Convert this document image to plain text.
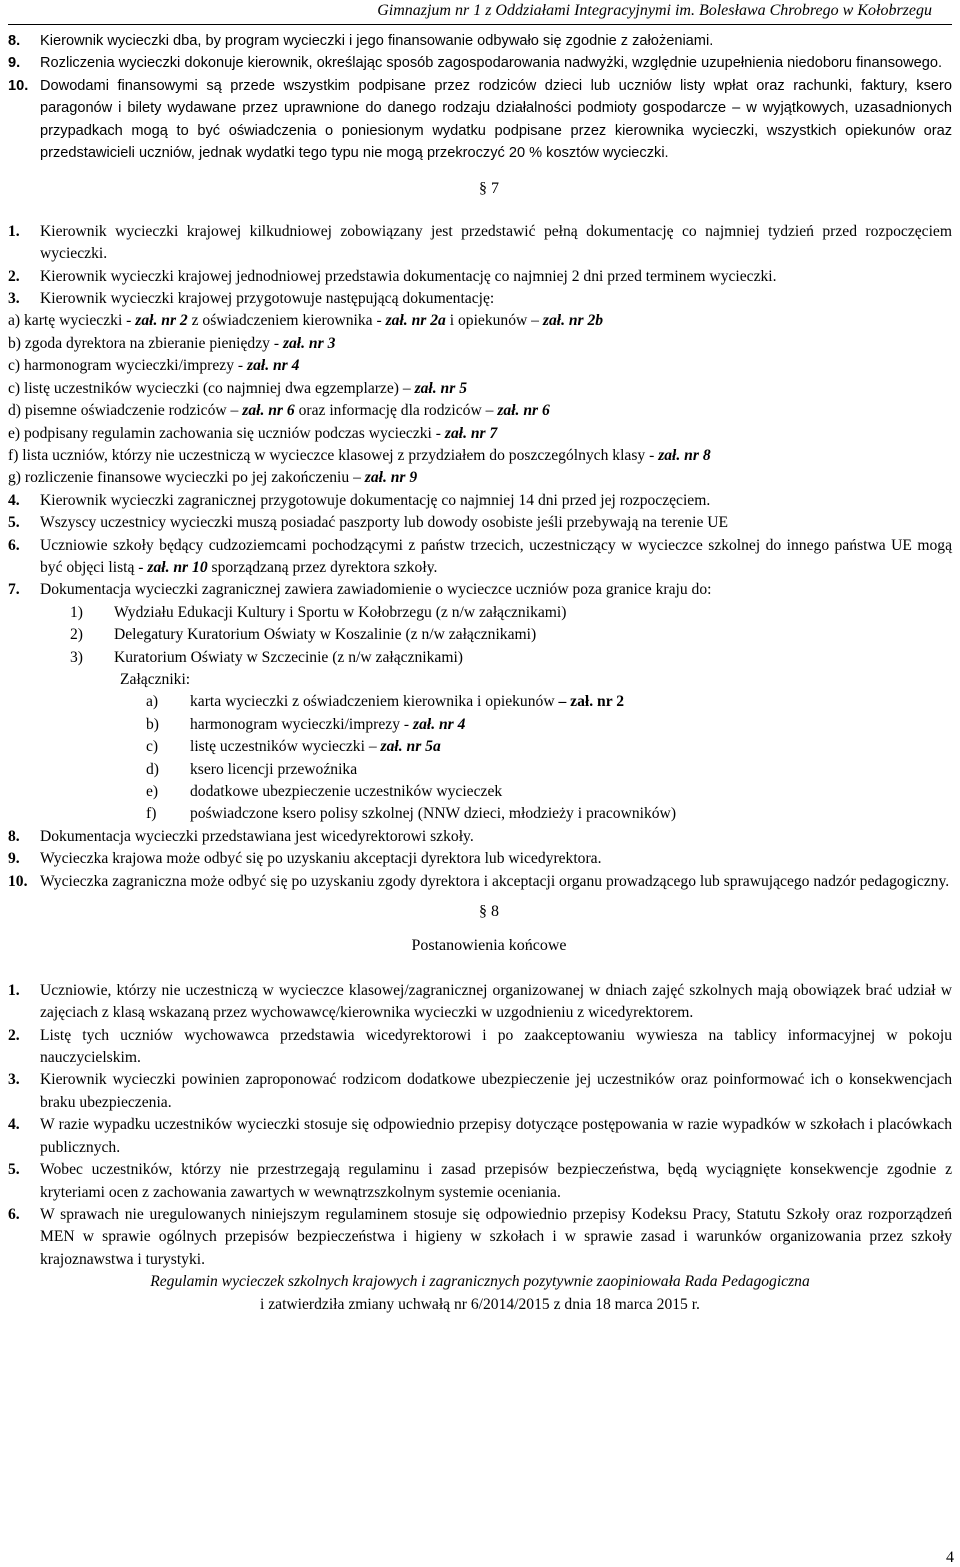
Gimnazjum nr 1 z Oddziałami Integracyjnymi im. Bolesława Chrobrego w Kołobrzegu
8.	Kierownik wycieczki dba, by program wycieczki i jego finansowanie odbywało się zgodnie z założeniami.
9.	Rozliczenia wycieczki dokonuje kierownik, określając sposób zagospodarowania nadwyżki, względnie uzupełnienia niedoboru finansowego.
10. Dowodami finansowymi są przede wszystkim podpisane przez rodziców dzieci lub uczniów listy wpłat oraz rachunki, faktury, ksero paragonów i bilety wydawane przez uprawnione do danego rodzaju działalności podmioty gospodarcze – w wyjątkowych, uzasadnionych przypadkach mogą to być oświadczenia o poniesionym wydatku podpisane przez kierownika wycieczki, wszystkich opiekunów oraz przedstawicieli uczniów, jednak wydatki tego typu nie mogą przekroczyć 20 % kosztów wycieczki.
§ 7
1.	Kierownik wycieczki krajowej kilkudniowej zobowiązany jest przedstawić pełną dokumentację co najmniej tydzień przed rozpoczęciem wycieczki.
2.	Kierownik wycieczki krajowej jednodniowej przedstawia dokumentację co najmniej 2 dni przed terminem wycieczki.
3.	Kierownik wycieczki krajowej przygotowuje następującą dokumentację:
a) kartę wycieczki - zał. nr 2 z oświadczeniem kierownika - zał. nr 2a i opiekunów – zał. nr 2b
b) zgoda dyrektora na zbieranie pieniędzy - zał. nr 3
c) harmonogram wycieczki/imprezy - zał. nr 4
c) listę uczestników wycieczki (co najmniej dwa egzemplarze) – zał. nr 5
d) pisemne oświadczenie rodziców – zał. nr 6 oraz informację dla rodziców – zał. nr 6
e) podpisany regulamin zachowania się uczniów podczas wycieczki - zał. nr 7
f) lista uczniów, którzy nie uczestniczą w wycieczce klasowej z przydziałem do poszczególnych klasy - zał. nr 8
g) rozliczenie finansowe wycieczki po jej zakończeniu – zał. nr 9
4.	Kierownik wycieczki zagranicznej przygotowuje dokumentację co najmniej 14 dni przed jej rozpoczęciem.
5.	Wszyscy uczestnicy wycieczki muszą posiadać paszporty lub dowody osobiste jeśli przebywają na terenie UE
6.	Uczniowie szkoły będący cudzoziemcami pochodzącymi z państw trzecich, uczestniczący w wycieczce szkolnej do innego państwa UE mogą być objęci listą - zał. nr 10 sporządzaną przez dyrektora szkoły.
7.	Dokumentacja wycieczki zagranicznej zawiera zawiadomienie o wycieczce uczniów poza granice kraju do:
1)	Wydziału Edukacji Kultury i Sportu w Kołobrzegu (z n/w załącznikami)
2)	Delegatury Kuratorium Oświaty w Koszalinie (z n/w załącznikami)
3)	Kuratorium Oświaty w Szczecinie (z n/w załącznikami)
Załączniki:
a)	karta wycieczki z oświadczeniem kierownika i opiekunów – zał. nr 2
b)	harmonogram wycieczki/imprezy - zał. nr 4
c)	listę uczestników wycieczki – zał. nr 5a
d)	ksero licencji przewoźnika
e)	dodatkowe ubezpieczenie uczestników wycieczek
f)	poświadczone ksero polisy szkolnej (NNW dzieci, młodzieży i pracowników)
8.	Dokumentacja wycieczki przedstawiana jest wicedyrektorowi szkoły.
9.	Wycieczka krajowa może odbyć się po uzyskaniu akceptacji dyrektora lub wicedyrektora.
10. Wycieczka zagraniczna może odbyć się po uzyskaniu zgody dyrektora i akceptacji organu prowadzącego lub sprawującego nadzór pedagogiczny.
§ 8
Postanowienia końcowe
1.	Uczniowie, którzy nie uczestniczą w wycieczce klasowej/zagranicznej organizowanej w dniach zajęć szkolnych mają obowiązek brać udział w zajęciach z klasą wskazaną przez wychowawcę/kierownika wycieczki w uzgodnieniu z wicedyrektorem.
2.	Listę tych uczniów wychowawca przedstawia wicedyrektorowi i po zaakceptowaniu wywiesza na tablicy informacyjnej w pokoju nauczycielskim.
3.	Kierownik wycieczki powinien zaproponować rodzicom dodatkowe ubezpieczenie jej uczestników oraz poinformować ich o konsekwencjach braku ubezpieczenia.
4.	W razie wypadku uczestników wycieczki stosuje się odpowiednio przepisy dotyczące postępowania w razie wypadków w szkołach i placówkach publicznych.
5.	Wobec uczestników, którzy nie przestrzegają regulaminu i zasad przepisów bezpieczeństwa, będą wyciągnięte konsekwencje zgodnie z kryteriami ocen z zachowania zawartych w wewnątrzszkolnym systemie oceniania.
6.	W sprawach nie uregulowanych niniejszym regulaminem stosuje się odpowiednio przepisy Kodeksu Pracy, Statutu Szkoły oraz rozporządzeń MEN w sprawie ogólnych przepisów bezpieczeństwa i higieny w szkołach i w sprawie zasad i warunków organizowania przez szkoły krajoznawstwa i turystyki.
Regulamin wycieczek szkolnych krajowych i zagranicznych pozytywnie zaopiniowała Rada Pedagogiczna
i zatwierdziła zmiany uchwałą nr 6/2014/2015 z dnia 18 marca 2015 r.
4
